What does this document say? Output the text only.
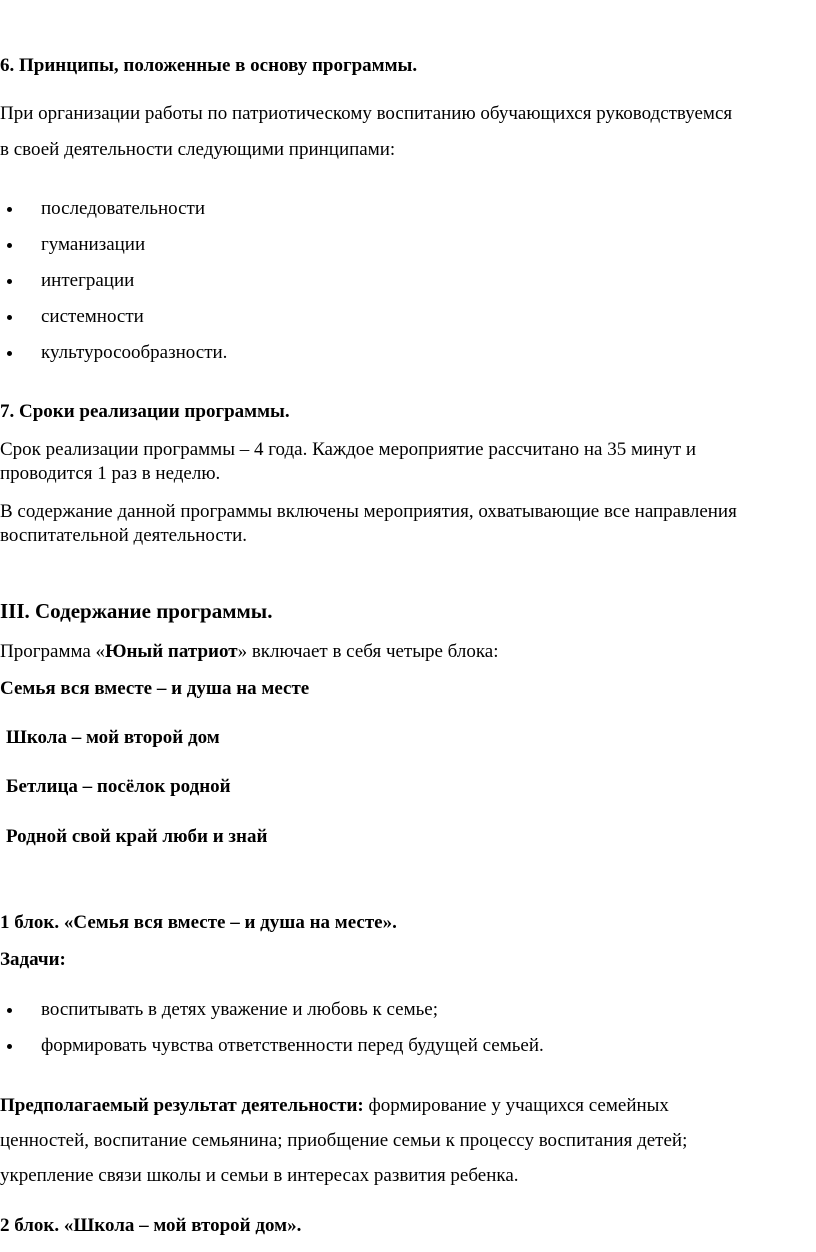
6. Принципы, положенные в основу программы.
При организации работы по патриотическому воспитанию обучающихся руководствуемся
в своей деятельности следующими принципами:
последовательности
гуманизации
интеграции
системности
культуросообразности.
7. Сроки реализации программы.
Срок реализации программы – 4 года. Каждое мероприятие рассчитано на 35 минут и
проводится 1 раз в неделю.
В содержание данной программы включены мероприятия, охватывающие все направления
воспитательной деятельности.
III. Содержание программы.
Программа «Юный патриот» включает в себя четыре блока:
Семья вся вместе – и душа на месте
Школа – мой второй дом
Бетлица – посёлок родной
Родной свой край люби и знай
1 блок. «Семья вся вместе – и душа на месте».
Задачи:
воспитывать в детях уважение и любовь к семье;
формировать чувства ответственности перед будущей семьей.
Предполагаемый результат деятельности: формирование у учащихся семейных
ценностей, воспитание семьянина; приобщение семьи к процессу воспитания детей;
укрепление связи школы и семьи в интересах развития ребенка.
2 блок. «Школа – мой второй дом».
